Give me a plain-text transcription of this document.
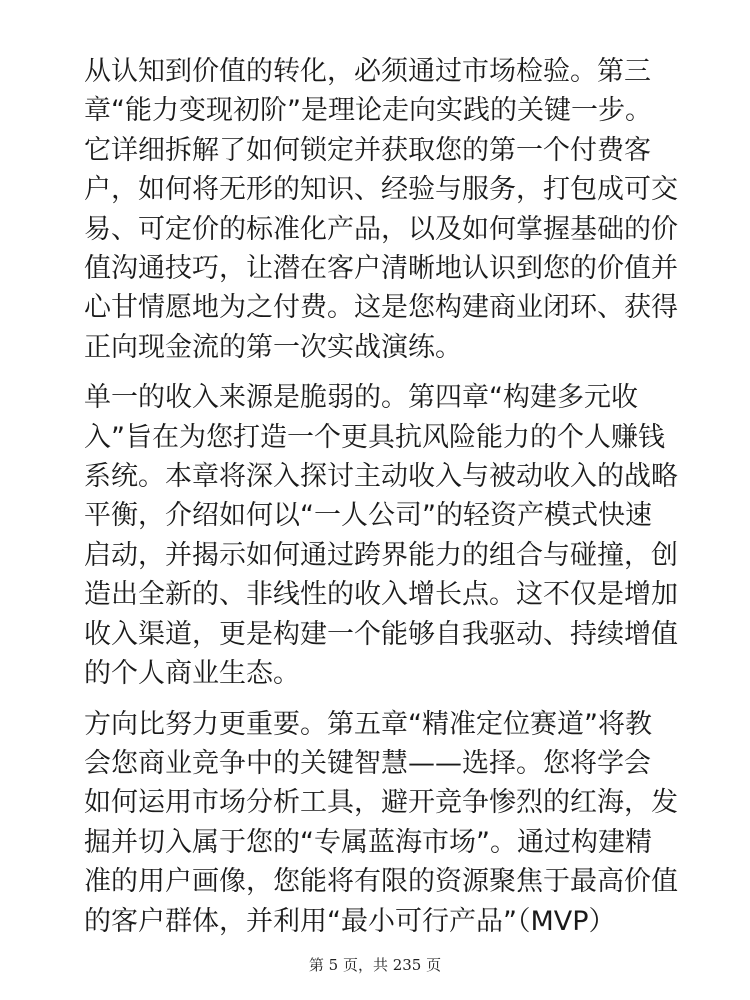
从认知到价值的转化，必须通过市场检验。第三
章“能力变现初阶”是理论走向实践的关键一步。
它详细拆解了如何锁定并获取您的第一个付费客
户，如何将无形的知识、经验与服务，打包成可交
易、可定价的标准化产品，以及如何掌握基础的价
值沟通技巧，让潜在客户清晰地认识到您的价值并
心甘情愿地为之付费。这是您构建商业闭环、获得
正向现金流的第一次实战演练。

单一的收入来源是脆弱的。第四章“构建多元收
入”旨在为您打造一个更具抗风险能力的个人赚钱
系统。本章将深入探讨主动收入与被动收入的战略
平衡，介绍如何以“一人公司”的轻资产模式快速
启动，并揭示如何通过跨界能力的组合与碰撞，创
造出全新的、非线性的收入增长点。这不仅是增加
收入渠道，更是构建一个能够自我驱动、持续增值
的个人商业生态。

方向比努力更重要。第五章“精准定位赛道”将教
会您商业竞争中的关键智慧——选择。您将学会
如何运用市场分析工具，避开竞争惨烈的红海，发
掘并切入属于您的“专属蓝海市场”。通过构建精
准的用户画像，您能将有限的资源聚焦于最高价值
的客户群体，并利用“最小可行产品”（MVP）

第 5 页，共 235 页
